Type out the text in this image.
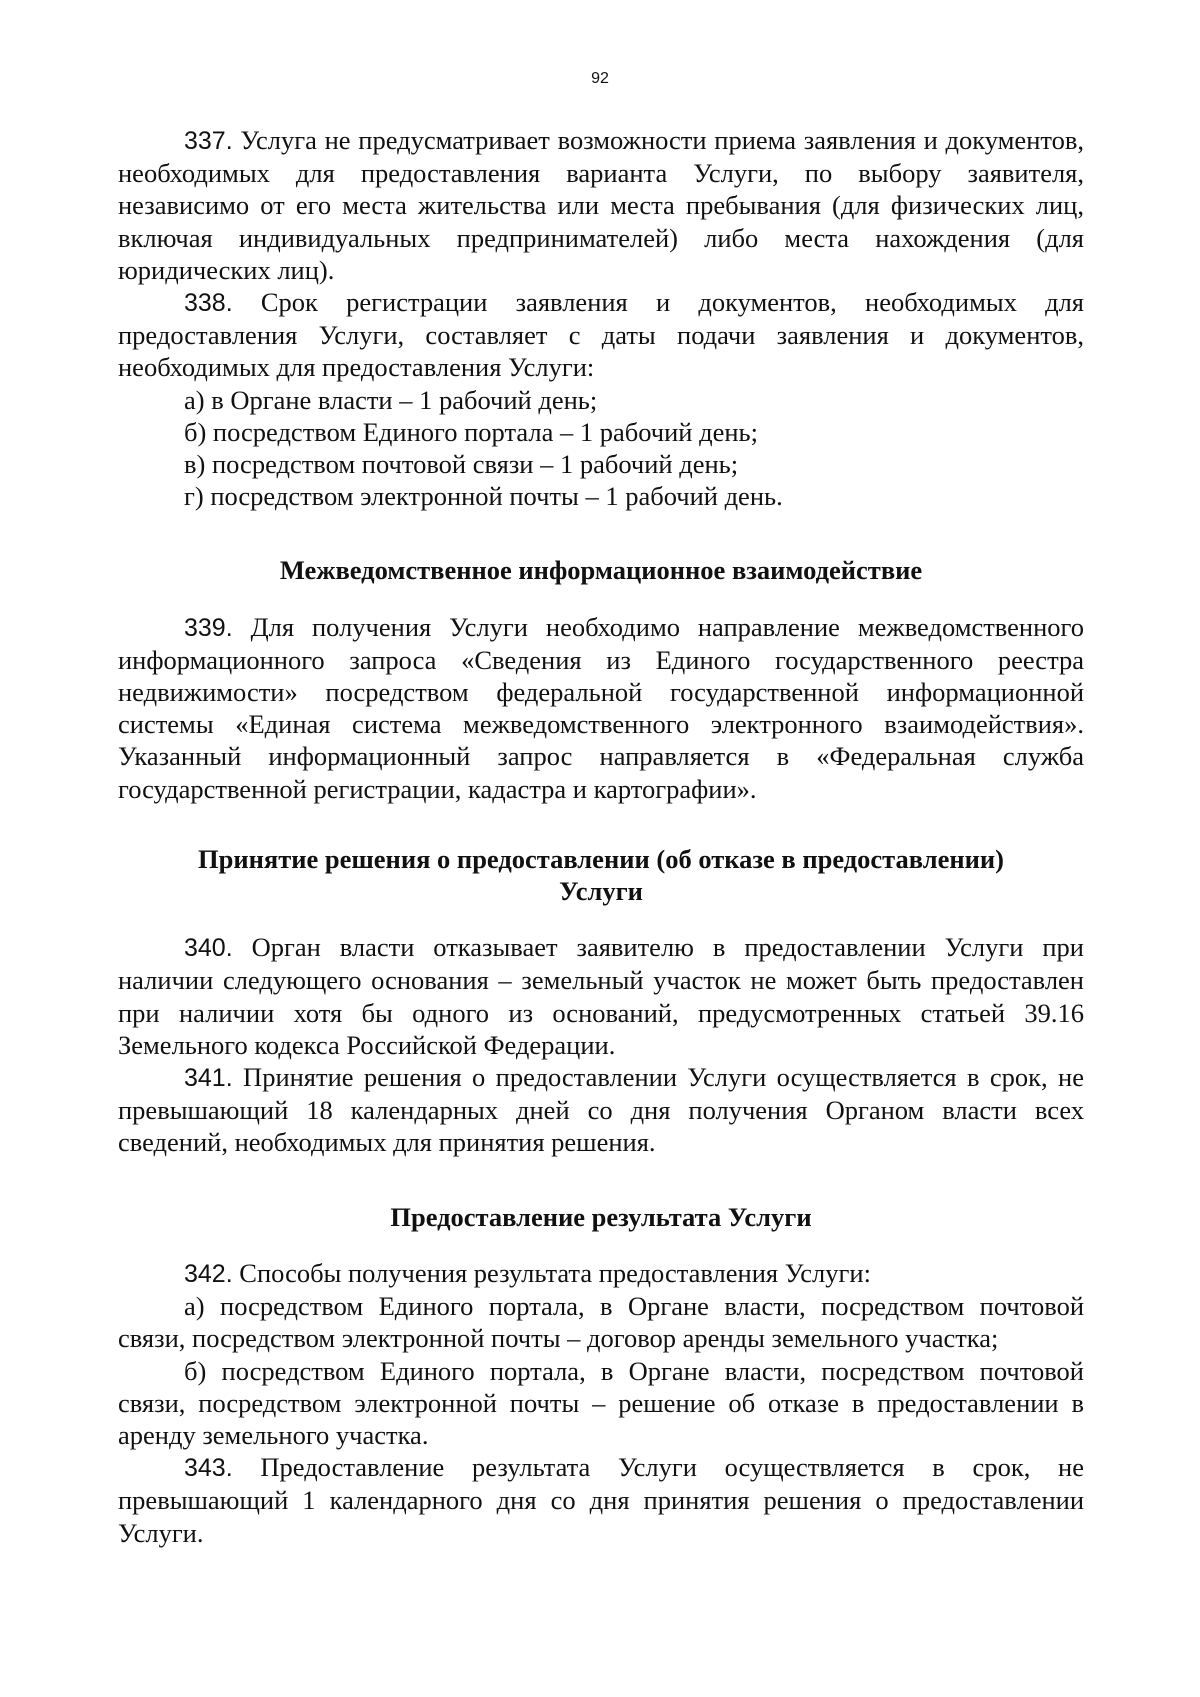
92

337. Услуга не предусматривает возможности приема заявления и документов, необходимых для предоставления варианта Услуги, по выбору заявителя, независимо от его места жительства или места пребывания (для физических лиц, включая индивидуальных предпринимателей) либо места нахождения (для юридических лиц).

338. Срок регистрации заявления и документов, необходимых для предоставления Услуги, составляет с даты подачи заявления и документов, необходимых для предоставления Услуги:

а) в Органе власти – 1 рабочий день;

б) посредством Единого портала – 1 рабочий день;

в) посредством почтовой связи – 1 рабочий день;

г) посредством электронной почты – 1 рабочий день.

Межведомственное информационное взаимодействие

339. Для получения Услуги необходимо направление межведомственного информационного запроса «Сведения из Единого государственного реестра недвижимости» посредством федеральной государственной информационной системы «Единая система межведомственного электронного взаимодействия». Указанный информационный запрос направляется в «Федеральная служба государственной регистрации, кадастра и картографии».

Принятие решения о предоставлении (об отказе в предоставлении)
Услуги

340. Орган власти отказывает заявителю в предоставлении Услуги при наличии следующего основания – земельный участок не может быть предоставлен при наличии хотя бы одного из оснований, предусмотренных статьей 39.16 Земельного кодекса Российской Федерации.

341. Принятие решения о предоставлении Услуги осуществляется в срок, не превышающий 18 календарных дней со дня получения Органом власти всех сведений, необходимых для принятия решения.

Предоставление результата Услуги

342. Способы получения результата предоставления Услуги:

а) посредством Единого портала, в Органе власти, посредством почтовой связи, посредством электронной почты – договор аренды земельного участка;

б) посредством Единого портала, в Органе власти, посредством почтовой связи, посредством электронной почты – решение об отказе в предоставлении в аренду земельного участка.

343. Предоставление результата Услуги осуществляется в срок, не превышающий 1 календарного дня со дня принятия решения о предоставлении Услуги.
